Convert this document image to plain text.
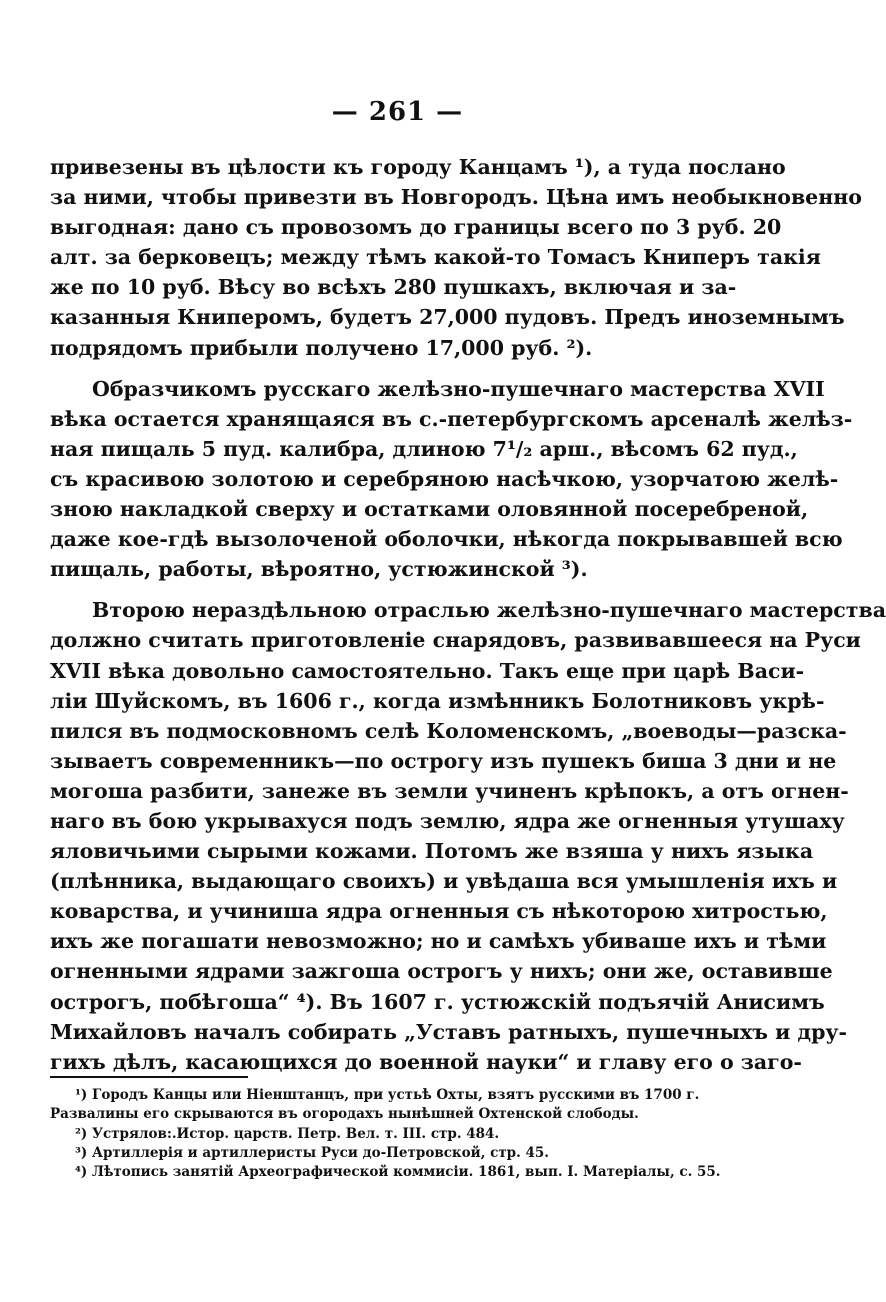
— 261 —
привезены въ цѣлости къ городу Канцамъ ¹), а туда послано
за ними, чтобы привезти въ Новгородъ. Цѣна имъ необыкновенно
выгодная: дано съ провозомъ до границы всего по 3 руб. 20
алт. за берковецъ; между тѣмъ какой-то Томасъ Книперъ такія
же по 10 руб. Вѣсу во всѣхъ 280 пушкахъ, включая и за-
казанныя Книперомъ, будетъ 27,000 пудовъ. Предъ иноземнымъ
подрядомъ прибыли получено 17,000 руб. ²).
Образчикомъ русскаго желѣзно-пушечнаго мастерства XVII
вѣка остается хранящаяся въ с.-петербургскомъ арсеналѣ желѣз-
ная пищаль 5 пуд. калибра, длиною 7¹/₂ арш., вѣсомъ 62 пуд.,
съ красивою золотою и серебряною насѣчкою, узорчатою желѣ-
зною накладкой сверху и остатками оловянной посеребреной,
даже кое-гдѣ вызолоченой оболочки, нѣкогда покрывавшей всю
пищаль, работы, вѣроятно, устюжинской ³).
Второю нераздѣльною отраслью желѣзно-пушечнаго мастерства
должно считать приготовленіе снарядовъ, развивавшееся на Руси
XVII вѣка довольно самостоятельно. Такъ еще при царѣ Васи-
ліи Шуйскомъ, въ 1606 г., когда измѣнникъ Болотниковъ укрѣ-
пился въ подмосковномъ селѣ Коломенскомъ, „воеводы—разска-
зываетъ современникъ—по острогу изъ пушекъ биша 3 дни и не
могоша разбити, занеже въ земли учиненъ крѣпокъ, а отъ огнен-
наго въ бою укрывахуся подъ землю, ядра же огненныя утушаху
яловичьими сырыми кожами. Потомъ же взяша у нихъ языка
(плѣнника, выдающаго своихъ) и увѣдаша вся умышленія ихъ и
коварства, и учиниша ядра огненныя съ нѣкоторою хитростью,
ихъ же погашати невозможно; но и самѣхъ убиваше ихъ и тѣми
огненными ядрами зажгоша острогъ у нихъ; они же, оставивше
острогъ, побѣгоша“ ⁴). Въ 1607 г. устюжскій подъячій Анисимъ
Михайловъ началъ собирать „Уставъ ратныхъ, пушечныхъ и дру-
гихъ дѣлъ, касающихся до военной науки“ и главу его о заго-
¹) Городъ Канцы или Ніенштанцъ, при устьѣ Охты, взятъ русскими въ 1700 г.
Развалины его скрываются въ огородахъ нынѣшней Охтенской слободы.
²) Устрялов:.Истор. царств. Петр. Вел. т. III. стр. 484.
³) Артиллерія и артиллеристы Руси до-Петровской, стр. 45.
⁴) Лѣтопись занятій Археографической коммисіи. 1861, вып. I. Матеріалы, с. 55.
